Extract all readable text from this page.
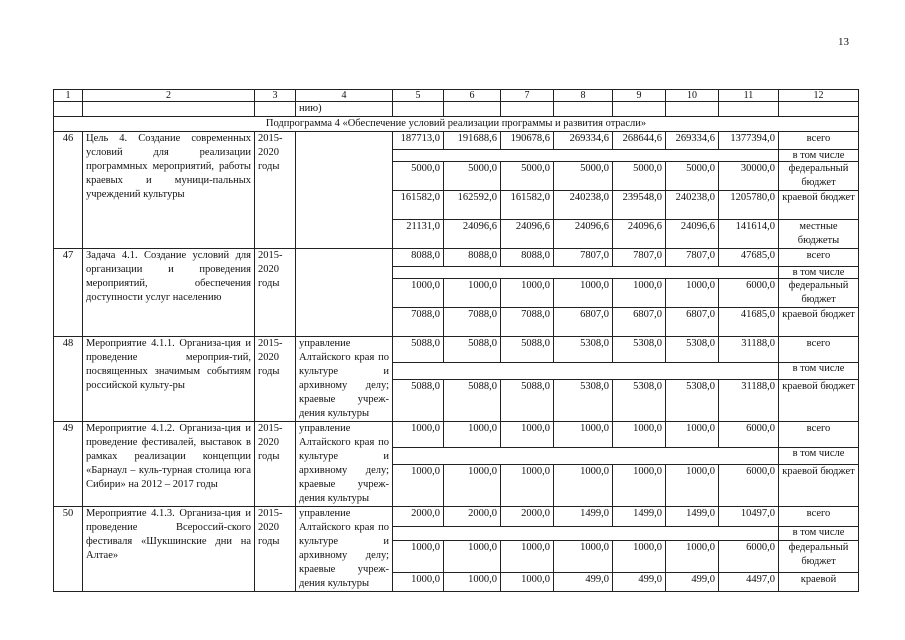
13
1	2	3	4	5	6	7	8	9	10	11	12
			нию)								
Подпрограмма 4 «Обеспечение условий реализации программы и развития отрасли»											
46	Цель 4. Создание современных условий для реализации программных мероприятий, работы краевых и муници-пальных учреждений культуры	2015-2020 годы		187713,0	191688,6	190678,6	269334,6	268644,6	269334,6	1377394,0	всего
											в том числе
				5000,0	5000,0	5000,0	5000,0	5000,0	5000,0	30000,0	федеральный бюджет
				161582,0	162592,0	161582,0	240238,0	239548,0	240238,0	1205780,0	краевой бюджет
				21131,0	24096,6	24096,6	24096,6	24096,6	24096,6	141614,0	местные бюджеты
47	Задача 4.1. Создание условий для организации и проведения мероприятий, обеспечения доступности услуг населению	2015-2020 годы		8088,0	8088,0	8088,0	7807,0	7807,0	7807,0	47685,0	всего
											в том числе
				1000,0	1000,0	1000,0	1000,0	1000,0	1000,0	6000,0	федеральный бюджет
				7088,0	7088,0	7088,0	6807,0	6807,0	6807,0	41685,0	краевой бюджет
48	Мероприятие 4.1.1. Организа-ция и проведение мероприя-тий, посвященных значимым событиям российской культу-ры	2015-2020 годы	управление Алтайского края по культуре и архивному делу; краевые учреж-дения культуры	5088,0	5088,0	5088,0	5308,0	5308,0	5308,0	31188,0	всего
											в том числе
				5088,0	5088,0	5088,0	5308,0	5308,0	5308,0	31188,0	краевой бюджет
49	Мероприятие 4.1.2. Организа-ция и проведение фестивалей, выставок в рамках реализации концепции «Барнаул – куль-турная столица юга Сибири» на 2012 – 2017 годы	2015-2020 годы	управление Алтайского края по культуре и архивному делу; краевые учреж-дения культуры	1000,0	1000,0	1000,0	1000,0	1000,0	1000,0	6000,0	всего
											в том числе
				1000,0	1000,0	1000,0	1000,0	1000,0	1000,0	6000,0	краевой бюджет
50	Мероприятие 4.1.3. Организа-ция и проведение Всероссий-ского фестиваля «Шукшинские дни на Алтае»	2015-2020 годы	управление Алтайского края по культуре и архивному делу; краевые учреж-дения культуры	2000,0	2000,0	2000,0	1499,0	1499,0	1499,0	10497,0	всего
											в том числе
				1000,0	1000,0	1000,0	1000,0	1000,0	1000,0	6000,0	федеральный бюджет
				1000,0	1000,0	1000,0	499,0	499,0	499,0	4497,0	краевой
